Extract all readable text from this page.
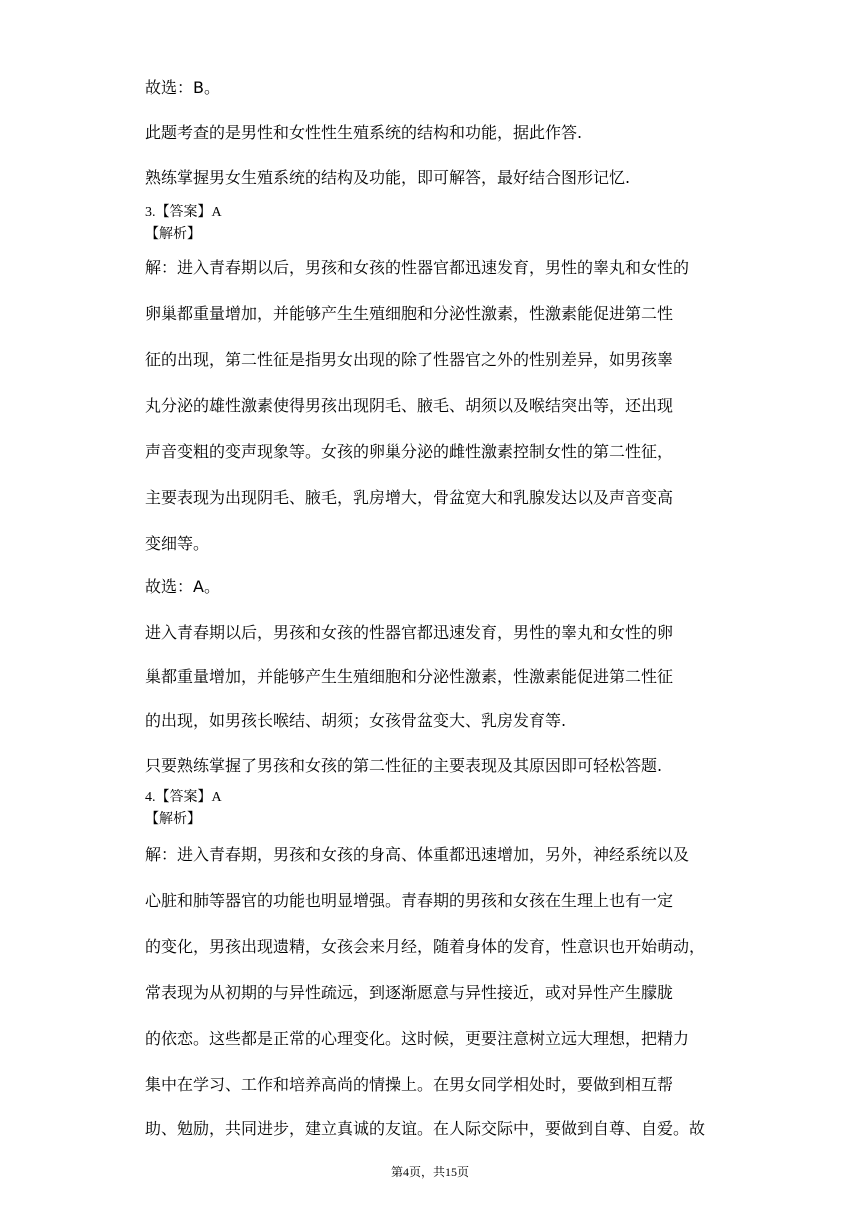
故选：B。
此题考查的是男性和女性性生殖系统的结构和功能，据此作答.
熟练掌握男女生殖系统的结构及功能，即可解答，最好结合图形记忆.
3.【答案】A
【解析】
解：进入青春期以后，男孩和女孩的性器官都迅速发育，男性的睾丸和女性的
卵巢都重量增加，并能够产生生殖细胞和分泌性激素，性激素能促进第二性
征的出现，第二性征是指男女出现的除了性器官之外的性别差异，如男孩睾
丸分泌的雄性激素使得男孩出现阴毛、腋毛、胡须以及喉结突出等，还出现
声音变粗的变声现象等。女孩的卵巢分泌的雌性激素控制女性的第二性征，
主要表现为出现阴毛、腋毛，乳房增大，骨盆宽大和乳腺发达以及声音变高
变细等。
故选：A。
进入青春期以后，男孩和女孩的性器官都迅速发育，男性的睾丸和女性的卵
巢都重量增加，并能够产生生殖细胞和分泌性激素，性激素能促进第二性征
的出现，如男孩长喉结、胡须；女孩骨盆变大、乳房发育等.
只要熟练掌握了男孩和女孩的第二性征的主要表现及其原因即可轻松答题.
4.【答案】A
【解析】
解：进入青春期，男孩和女孩的身高、体重都迅速增加，另外，神经系统以及
心脏和肺等器官的功能也明显增强。青春期的男孩和女孩在生理上也有一定
的变化，男孩出现遗精，女孩会来月经，随着身体的发育，性意识也开始萌动，
常表现为从初期的与异性疏远，到逐渐愿意与异性接近，或对异性产生朦胧
的依恋。这些都是正常的心理变化。这时候，更要注意树立远大理想，把精力
集中在学习、工作和培养高尚的情操上。在男女同学相处时，要做到相互帮
助、勉励，共同进步，建立真诚的友谊。在人际交际中，要做到自尊、自爱。故
第4页，共15页
